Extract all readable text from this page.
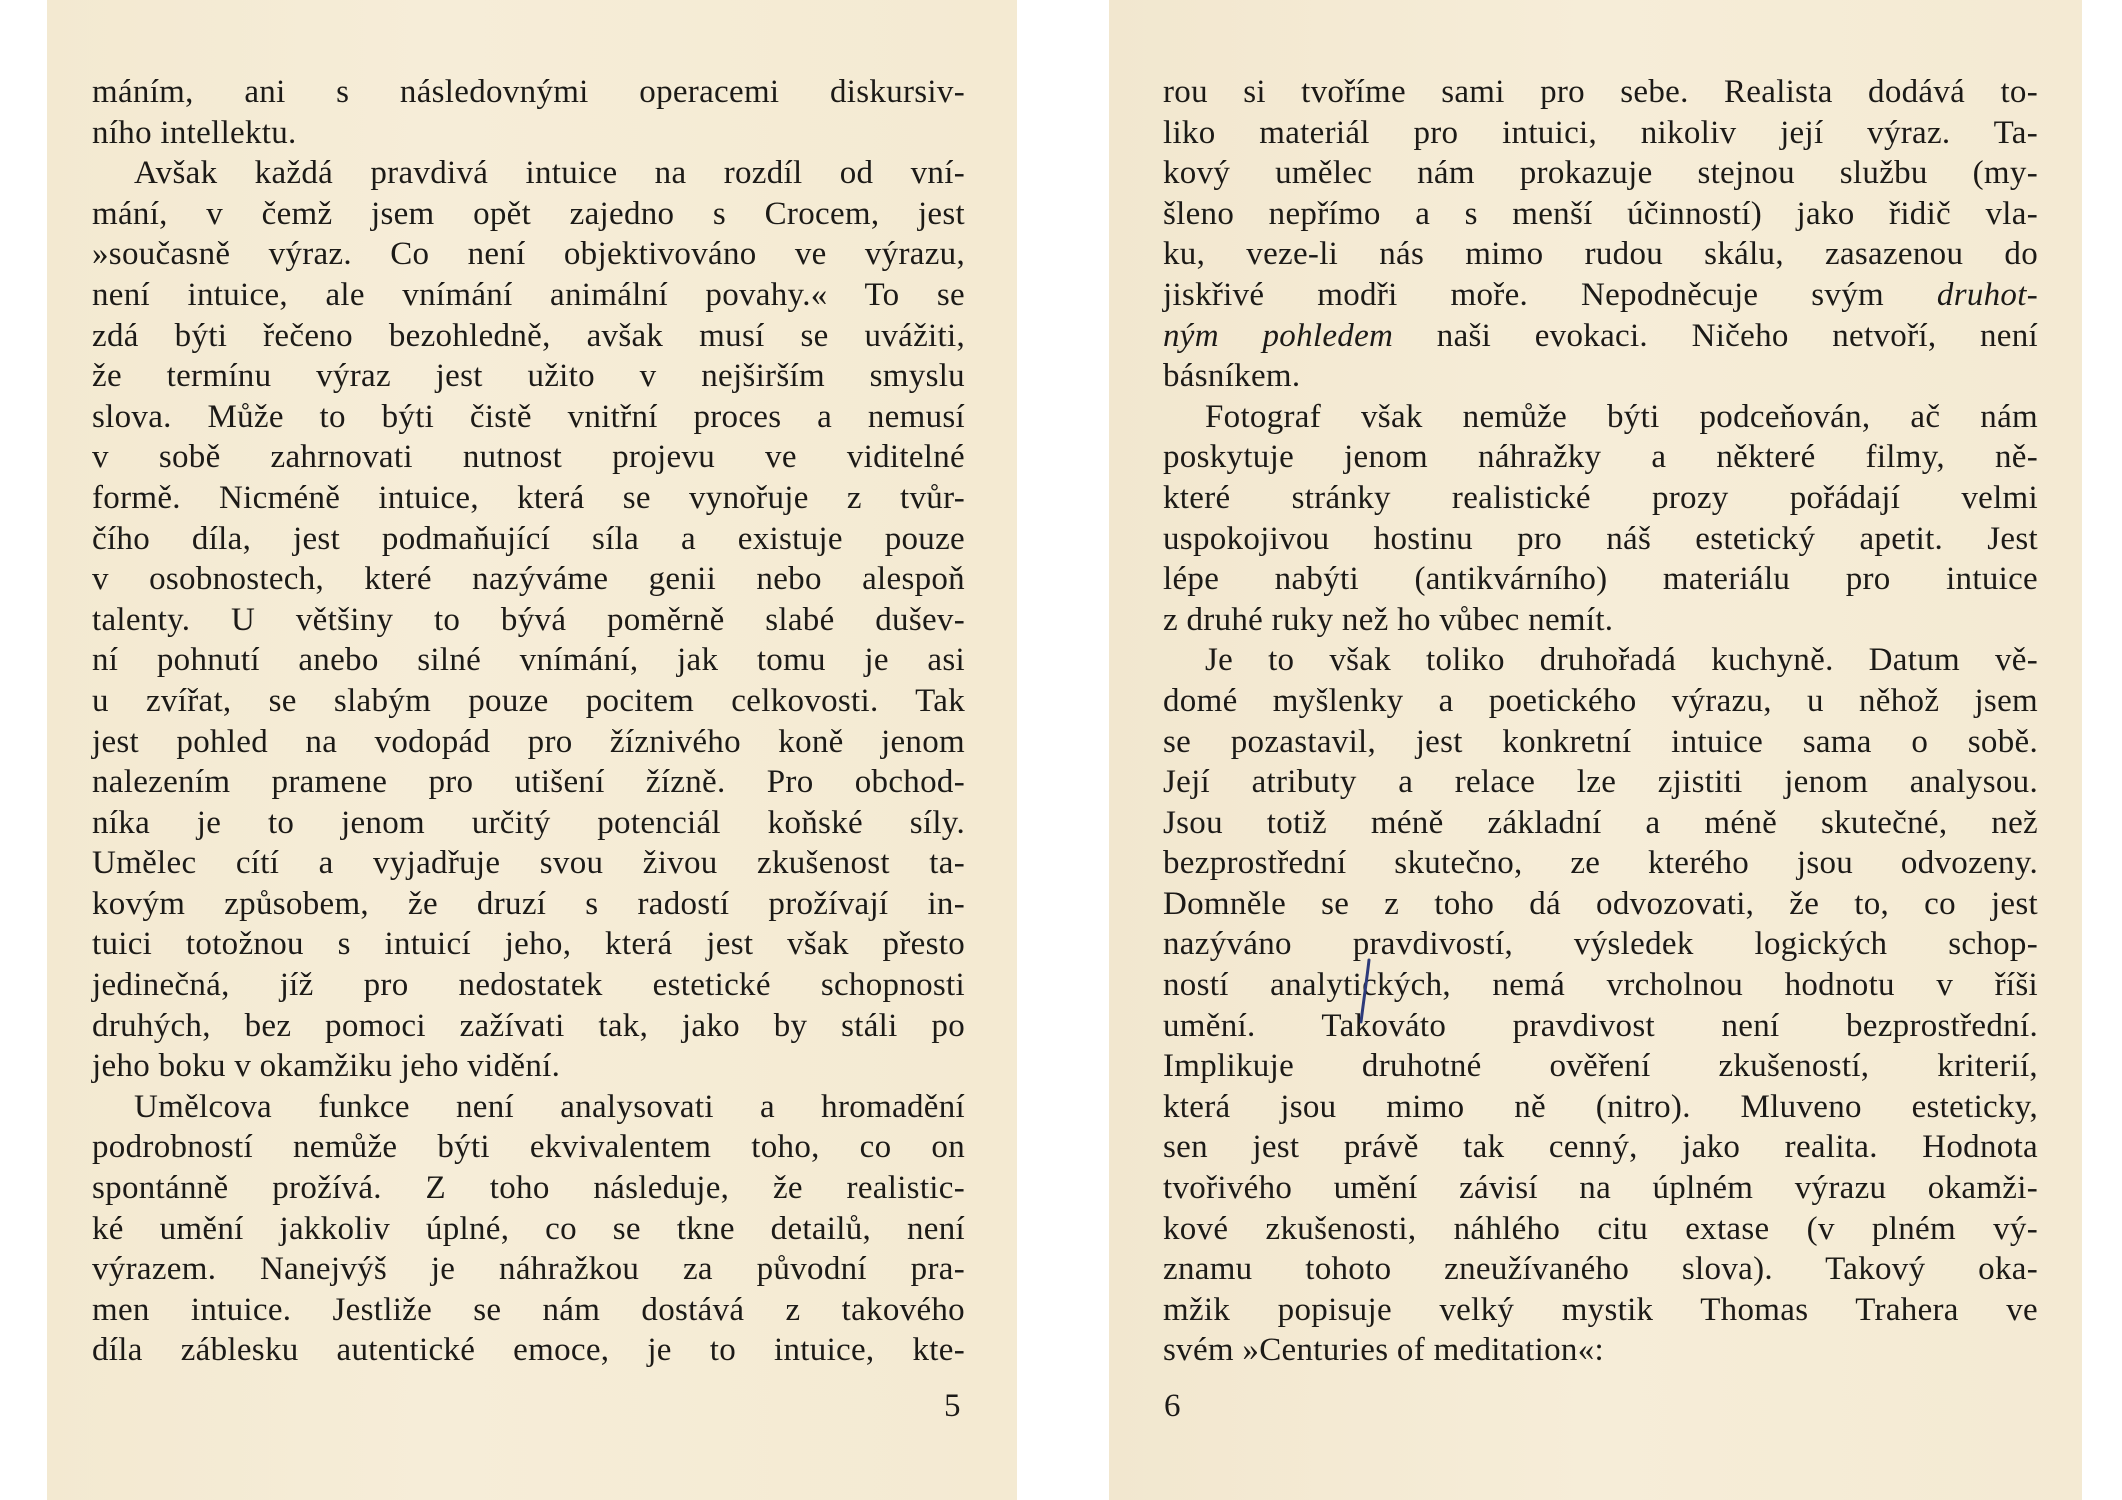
máním, ani s následovnými operacemi diskursiv-
ního intellektu.
Avšak každá pravdivá intuice na rozdíl od vní-
mání, v čemž jsem opět zajedno s Crocem, jest
»současně výraz. Co není objektivováno ve výrazu,
není intuice, ale vnímání animální povahy.« To se
zdá býti řečeno bezohledně, avšak musí se uvážiti,
že termínu výraz jest užito v nejširším smyslu
slova. Může to býti čistě vnitřní proces a nemusí
v sobě zahrnovati nutnost projevu ve viditelné
formě. Nicméně intuice, která se vynořuje z tvůr-
čího díla, jest podmaňující síla a existuje pouze
v osobnostech, které nazýváme genii nebo alespoň
talenty. U většiny to bývá poměrně slabé dušev-
ní pohnutí anebo silné vnímání, jak tomu je asi
u zvířat, se slabým pouze pocitem celkovosti. Tak
jest pohled na vodopád pro žíznivého koně jenom
nalezením pramene pro utišení žízně. Pro obchod-
níka je to jenom určitý potenciál koňské síly.
Umělec cítí a vyjadřuje svou živou zkušenost ta-
kovým způsobem, že druzí s radostí prožívají in-
tuici totožnou s intuicí jeho, která jest však přesto
jedinečná, jíž pro nedostatek estetické schopnosti
druhých, bez pomoci zažívati tak, jako by stáli po
jeho boku v okamžiku jeho vidění.
Umělcova funkce není analysovati a hromadění
podrobností nemůže býti ekvivalentem toho, co on
spontánně prožívá. Z toho následuje, že realistic-
ké umění jakkoliv úplné, co se tkne detailů, není
výrazem. Nanejvýš je náhražkou za původní pra-
men intuice. Jestliže se nám dostává z takového
díla záblesku autentické emoce, je to intuice, kte-
5
rou si tvoříme sami pro sebe. Realista dodává to-
liko materiál pro intuici, nikoliv její výraz. Ta-
kový umělec nám prokazuje stejnou službu (my-
šleno nepřímo a s menší účinností) jako řidič vla-
ku, veze-li nás mimo rudou skálu, zasazenou do
jiskřivé modři moře. Nepodněcuje svým druhot-
ným pohledem naši evokaci. Ničeho netvoří, není
básníkem.
Fotograf však nemůže býti podceňován, ač nám
poskytuje jenom náhražky a některé filmy, ně-
které stránky realistické prozy pořádají velmi
uspokojivou hostinu pro náš estetický apetit. Jest
lépe nabýti (antikvárního) materiálu pro intuice
z druhé ruky než ho vůbec nemít.
Je to však toliko druhořadá kuchyně. Datum vě-
domé myšlenky a poetického výrazu, u něhož jsem
se pozastavil, jest konkretní intuice sama o sobě.
Její atributy a relace lze zjistiti jenom analysou.
Jsou totiž méně základní a méně skutečné, než
bezprostřední skutečno, ze kterého jsou odvozeny.
Domněle se z toho dá odvozovati, že to, co jest
nazýváno pravdivostí, výsledek logických schop-
ností analytických, nemá vrcholnou hodnotu v říši
umění. Takováto pravdivost není bezprostřední.
Implikuje druhotné ověření zkušeností, kriterií,
která jsou mimo ně (nitro). Mluveno esteticky,
sen jest právě tak cenný, jako realita. Hodnota
tvořivého umění závisí na úplném výrazu okamži-
kové zkušenosti, náhlého citu extase (v plném vý-
znamu tohoto zneužívaného slova). Takový oka-
mžik popisuje velký mystik Thomas Trahera ve
svém »Centuries of meditation«:
6
